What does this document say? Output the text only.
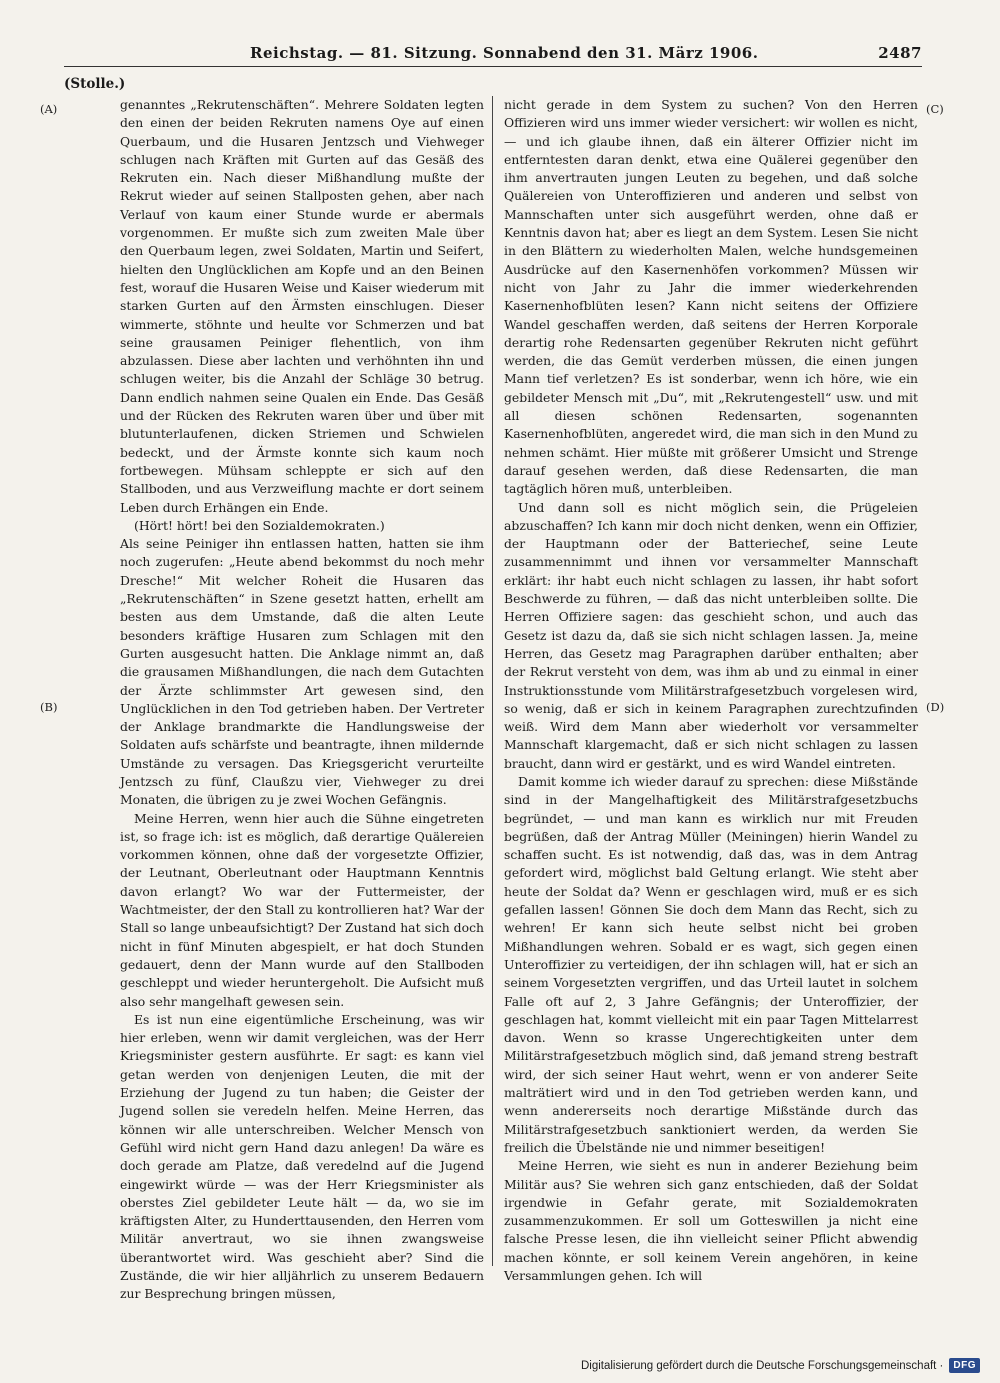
Reichstag. — 81. Sitzung. Sonnabend den 31. März 1906.	2487
(Stolle.)
(A)
(B)
(C)
(D)

genanntes „Rekrutenschäften“. Mehrere Soldaten legten den einen der beiden Rekruten namens Oye auf einen Querbaum, und die Husaren Jentzsch und Viehweger schlugen nach Kräften mit Gurten auf das Gesäß des Rekruten ein. Nach dieser Mißhandlung mußte der Rekrut wieder auf seinen Stallposten gehen, aber nach Verlauf von kaum einer Stunde wurde er abermals vorgenommen. Er mußte sich zum zweiten Male über den Querbaum legen, zwei Soldaten, Martin und Seifert, hielten den Unglücklichen am Kopfe und an den Beinen fest, worauf die Husaren Weise und Kaiser wiederum mit starken Gurten auf den Ärmsten einschlugen. Dieser wimmerte, stöhnte und heulte vor Schmerzen und bat seine grausamen Peiniger flehentlich, von ihm abzulassen. Diese aber lachten und verhöhnten ihn und schlugen weiter, bis die Anzahl der Schläge 30 betrug. Dann endlich nahmen seine Qualen ein Ende. Das Gesäß und der Rücken des Rekruten waren über und über mit blutunterlaufenen, dicken Striemen und Schwielen bedeckt, und der Ärmste konnte sich kaum noch fortbewegen. Mühsam schleppte er sich auf den Stallboden, und aus Verzweiflung machte er dort seinem Leben durch Erhängen ein Ende.

(Hört! hört! bei den Sozialdemokraten.)

Als seine Peiniger ihn entlassen hatten, hatten sie ihm noch zugerufen: „Heute abend bekommst du noch mehr Dresche!“ Mit welcher Roheit die Husaren das „Rekrutenschäften“ in Szene gesetzt hatten, erhellt am besten aus dem Umstande, daß die alten Leute besonders kräftige Husaren zum Schlagen mit den Gurten ausgesucht hatten. Die Anklage nimmt an, daß die grausamen Mißhandlungen, die nach dem Gutachten der Ärzte schlimmster Art gewesen sind, den Unglücklichen in den Tod getrieben haben. Der Vertreter der Anklage brandmarkte die Handlungsweise der Soldaten aufs schärfste und beantragte, ihnen mildernde Umstände zu versagen. Das Kriegsgericht verurteilte Jentzsch zu fünf, Claußzu vier, Viehweger zu drei Monaten, die übrigen zu je zwei Wochen Gefängnis.

Meine Herren, wenn hier auch die Sühne eingetreten ist, so frage ich: ist es möglich, daß derartige Quälereien vorkommen können, ohne daß der vorgesetzte Offizier, der Leutnant, Oberleutnant oder Hauptmann Kenntnis davon erlangt? Wo war der Futtermeister, der Wachtmeister, der den Stall zu kontrollieren hat? War der Stall so lange unbeaufsichtigt? Der Zustand hat sich doch nicht in fünf Minuten abgespielt, er hat doch Stunden gedauert, denn der Mann wurde auf den Stallboden geschleppt und wieder heruntergeholt. Die Aufsicht muß also sehr mangelhaft gewesen sein.

Es ist nun eine eigentümliche Erscheinung, was wir hier erleben, wenn wir damit vergleichen, was der Herr Kriegsminister gestern ausführte. Er sagt: es kann viel getan werden von denjenigen Leuten, die mit der Erziehung der Jugend zu tun haben; die Geister der Jugend sollen sie veredeln helfen. Meine Herren, das können wir alle unterschreiben. Welcher Mensch von Gefühl wird nicht gern Hand dazu anlegen! Da wäre es doch gerade am Platze, daß veredelnd auf die Jugend eingewirkt würde — was der Herr Kriegsminister als oberstes Ziel gebildeter Leute hält — da, wo sie im kräftigsten Alter, zu Hunderttausenden, den Herren vom Militär anvertraut, wo sie ihnen zwangsweise überantwortet wird. Was geschieht aber? Sind die Zustände, die wir hier alljährlich zu unserem Bedauern zur Besprechung bringen müssen,

nicht gerade in dem System zu suchen? Von den Herren Offizieren wird uns immer wieder versichert: wir wollen es nicht, — und ich glaube ihnen, daß ein älterer Offizier nicht im entferntesten daran denkt, etwa eine Quälerei gegenüber den ihm anvertrauten jungen Leuten zu begehen, und daß solche Quälereien von Unteroffizieren und anderen und selbst von Mannschaften unter sich ausgeführt werden, ohne daß er Kenntnis davon hat; aber es liegt an dem System. Lesen Sie nicht in den Blättern zu wiederholten Malen, welche hundsgemeinen Ausdrücke auf den Kasernenhöfen vorkommen? Müssen wir nicht von Jahr zu Jahr die immer wiederkehrenden Kasernenhofblüten lesen? Kann nicht seitens der Offiziere Wandel geschaffen werden, daß seitens der Herren Korporale derartig rohe Redensarten gegenüber Rekruten nicht geführt werden, die das Gemüt verderben müssen, die einen jungen Mann tief verletzen? Es ist sonderbar, wenn ich höre, wie ein gebildeter Mensch mit „Du“, mit „Rekrutengestell“ usw. und mit all diesen schönen Redensarten, sogenannten Kasernenhofblüten, angeredet wird, die man sich in den Mund zu nehmen schämt. Hier müßte mit größerer Umsicht und Strenge darauf gesehen werden, daß diese Redensarten, die man tagtäglich hören muß, unterbleiben.

Und dann soll es nicht möglich sein, die Prügeleien abzuschaffen? Ich kann mir doch nicht denken, wenn ein Offizier, der Hauptmann oder der Batteriechef, seine Leute zusammennimmt und ihnen vor versammelter Mannschaft erklärt: ihr habt euch nicht schlagen zu lassen, ihr habt sofort Beschwerde zu führen, — daß das nicht unterbleiben sollte. Die Herren Offiziere sagen: das geschieht schon, und auch das Gesetz ist dazu da, daß sie sich nicht schlagen lassen. Ja, meine Herren, das Gesetz mag Paragraphen darüber enthalten; aber der Rekrut versteht von dem, was ihm ab und zu einmal in einer Instruktionsstunde vom Militärstrafgesetzbuch vorgelesen wird, so wenig, daß er sich in keinem Paragraphen zurechtzufinden weiß. Wird dem Mann aber wiederholt vor versammelter Mannschaft klargemacht, daß er sich nicht schlagen zu lassen braucht, dann wird er gestärkt, und es wird Wandel eintreten.

Damit komme ich wieder darauf zu sprechen: diese Mißstände sind in der Mangelhaftigkeit des Militärstrafgesetzbuchs begründet, — und man kann es wirklich nur mit Freuden begrüßen, daß der Antrag Müller (Meiningen) hierin Wandel zu schaffen sucht. Es ist notwendig, daß das, was in dem Antrag gefordert wird, möglichst bald Geltung erlangt. Wie steht aber heute der Soldat da? Wenn er geschlagen wird, muß er es sich gefallen lassen! Gönnen Sie doch dem Mann das Recht, sich zu wehren! Er kann sich heute selbst nicht bei groben Mißhandlungen wehren. Sobald er es wagt, sich gegen einen Unteroffizier zu verteidigen, der ihn schlagen will, hat er sich an seinem Vorgesetzten vergriffen, und das Urteil lautet in solchem Falle oft auf 2, 3 Jahre Gefängnis; der Unteroffizier, der geschlagen hat, kommt vielleicht mit ein paar Tagen Mittelarrest davon. Wenn so krasse Ungerechtigkeiten unter dem Militärstrafgesetzbuch möglich sind, daß jemand streng bestraft wird, der sich seiner Haut wehrt, wenn er von anderer Seite malträtiert wird und in den Tod getrieben werden kann, und wenn andererseits noch derartige Mißstände durch das Militärstrafgesetzbuch sanktioniert werden, da werden Sie freilich die Übelstände nie und nimmer beseitigen!

Meine Herren, wie sieht es nun in anderer Beziehung beim Militär aus? Sie wehren sich ganz entschieden, daß der Soldat irgendwie in Gefahr gerate, mit Sozialdemokraten zusammenzukommen. Er soll um Gotteswillen ja nicht eine falsche Presse lesen, die ihn vielleicht seiner Pflicht abwendig machen könnte, er soll keinem Verein angehören, in keine Versammlungen gehen. Ich will

Digitalisierung gefördert durch die Deutsche Forschungsgemeinschaft ·	DFG
